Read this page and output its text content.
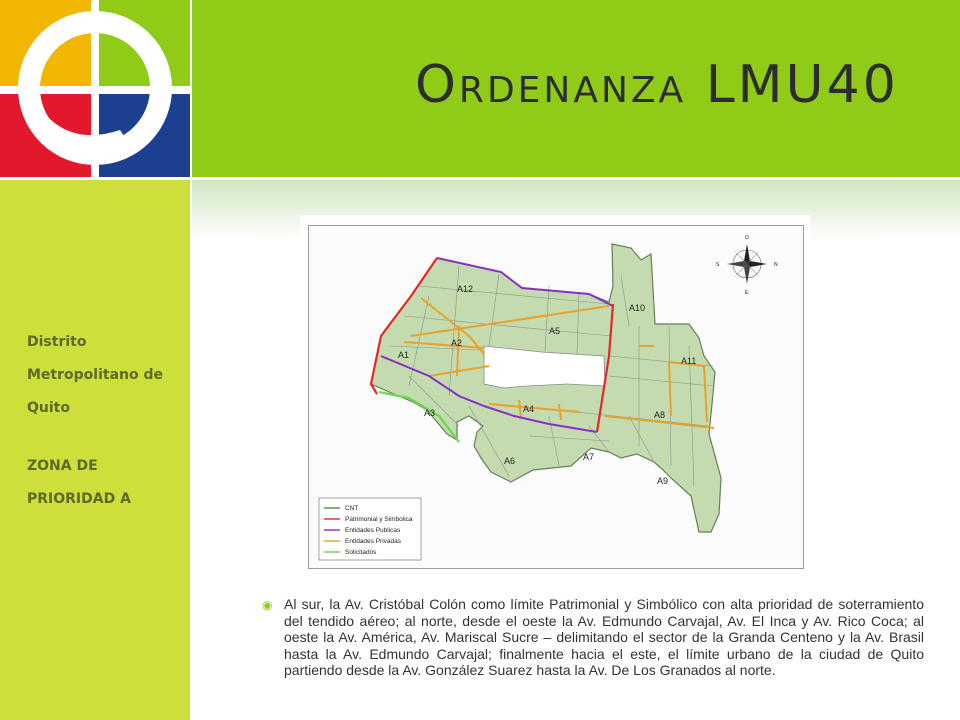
Ordenanza LMU40
Distrito
Metropolitano de
Quito
ZONA DE
PRIORIDAD A
A1
A2
A3	A4
A5
A6	A7
A8
A9
A10
A11
A12
O
E
S	N
CNT
Patrimonial y Simbolica
Entidades Publicas
Entidades Privadas
Solicitados
◉ Al sur, la Av. Cristóbal Colón como límite Patrimonial y Simbólico con alta prioridad de soterramiento del tendido aéreo; al norte, desde el oeste la Av. Edmundo Carvajal, Av. El Inca y Av. Rico Coca; al oeste la Av. América, Av. Mariscal Sucre – delimitando el sector de la Granda Centeno y la Av. Brasil hasta la Av. Edmundo Carvajal; finalmente hacia el este, el límite urbano de la ciudad de Quito partiendo desde la Av. González Suarez hasta la Av. De Los Granados al norte.
